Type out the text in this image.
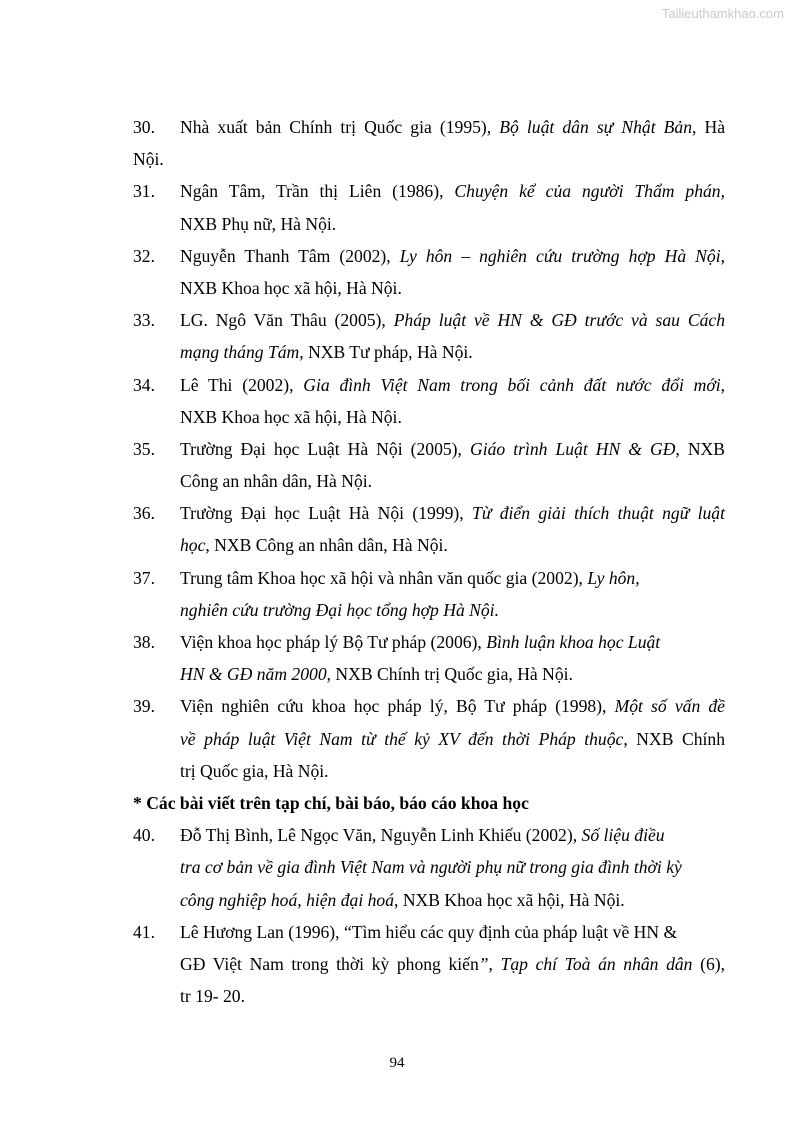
Tailieuthamkhao.com
30. Nhà xuất bản Chính trị Quốc gia (1995), Bộ luật dân sự Nhật Bản, Hà
Nội.
31. Ngân Tâm, Trần thị Liên (1986), Chuyện kể của người Thẩm phán,
NXB Phụ nữ, Hà Nội.
32. Nguyễn Thanh Tâm (2002), Ly hôn – nghiên cứu trường hợp Hà Nội,
NXB Khoa học xã hội, Hà Nội.
33. LG. Ngô Văn Thâu (2005), Pháp luật về HN & GĐ trước và sau Cách
mạng tháng Tám, NXB Tư pháp, Hà Nội.
34. Lê Thi (2002), Gia đình Việt Nam trong bối cảnh đất nước đổi mới,
NXB Khoa học xã hội, Hà Nội.
35. Trường Đại học Luật Hà Nội (2005), Giáo trình Luật HN & GĐ, NXB
Công an nhân dân, Hà Nội.
36. Trường Đại học Luật Hà Nội (1999), Từ điển giải thích thuật ngữ luật
học, NXB Công an nhân dân, Hà Nội.
37. Trung tâm Khoa học xã hội và nhân văn quốc gia (2002), Ly hôn,
nghiên cứu trường Đại học tổng hợp Hà Nội.
38. Viện khoa học pháp lý Bộ Tư pháp (2006), Bình luận khoa học Luật
HN & GĐ năm 2000, NXB Chính trị Quốc gia, Hà Nội.
39. Viện nghiên cứu khoa học pháp lý, Bộ Tư pháp (1998), Một số vấn đề
về pháp luật Việt Nam từ thế kỷ XV đến thời Pháp thuộc, NXB Chính
trị Quốc gia, Hà Nội.
* Các bài viết trên tạp chí, bài báo, báo cáo khoa học
40. Đỗ Thị Bình, Lê Ngọc Văn, Nguyễn Linh Khiếu (2002), Số liệu điều
tra cơ bản về gia đình Việt Nam và người phụ nữ trong gia đình thời kỳ
công nghiệp hoá, hiện đại hoá, NXB Khoa học xã hội, Hà Nội.
41. Lê Hương Lan (1996), “Tìm hiểu các quy định của pháp luật về HN &
GĐ Việt Nam trong thời kỳ phong kiến”, Tạp chí Toà án nhân dân (6),
tr 19- 20.
94
